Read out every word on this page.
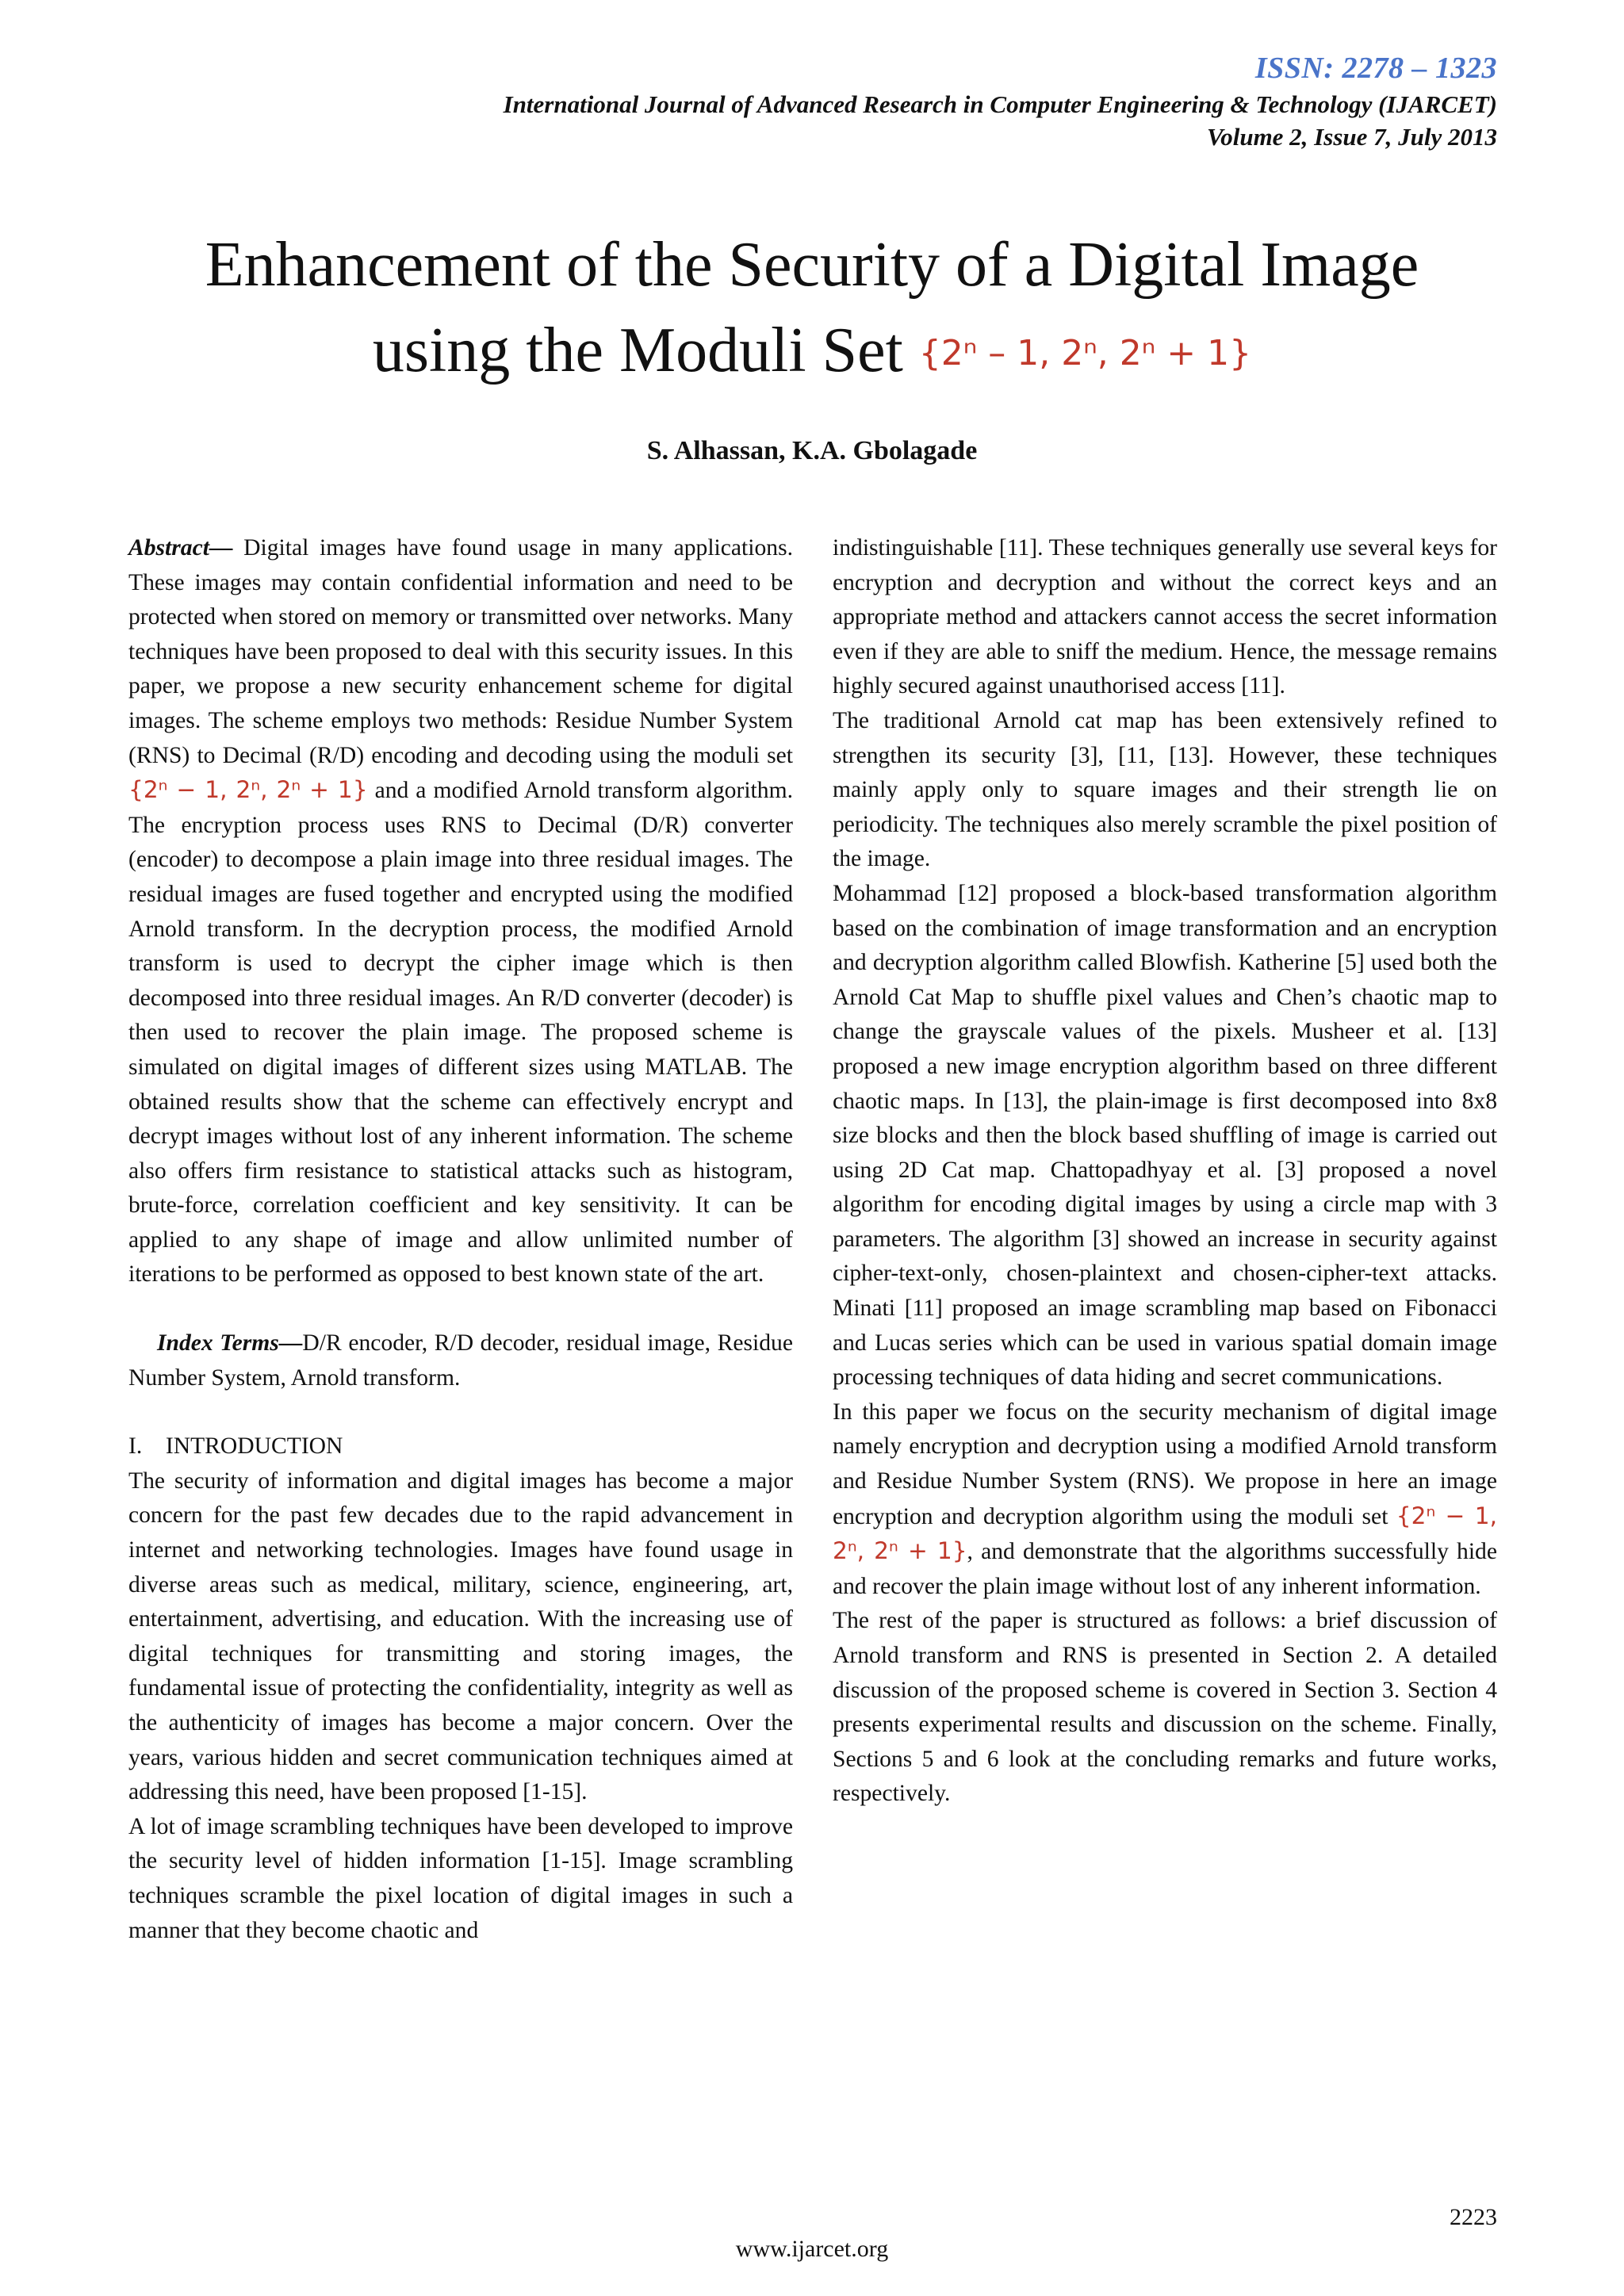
ISSN: 2278 – 1323
International Journal of Advanced Research in Computer Engineering & Technology (IJARCET)
Volume 2, Issue 7, July 2013
Enhancement of the Security of a Digital Image
using the Moduli Set {2ⁿ – 1, 2ⁿ, 2ⁿ + 1}
S. Alhassan, K.A. Gbolagade

Abstract— Digital images have found usage in many applications. These images may contain confidential information and need to be protected when stored on memory or transmitted over networks. Many techniques have been proposed to deal with this security issues. In this paper, we propose a new security enhancement scheme for digital images. The scheme employs two methods: Residue Number System (RNS) to Decimal (R/D) encoding and decoding using the moduli set {2ⁿ − 1, 2ⁿ, 2ⁿ + 1} and a modified Arnold transform algorithm. The encryption process uses RNS to Decimal (D/R) converter (encoder) to decompose a plain image into three residual images. The residual images are fused together and encrypted using the modified Arnold transform. In the decryption process, the modified Arnold transform is used to decrypt the cipher image which is then decomposed into three residual images. An R/D converter (decoder) is then used to recover the plain image. The proposed scheme is simulated on digital images of different sizes using MATLAB. The obtained results show that the scheme can effectively encrypt and decrypt images without lost of any inherent information. The scheme also offers firm resistance to statistical attacks such as histogram, brute-force, correlation coefficient and key sensitivity. It can be applied to any shape of image and allow unlimited number of iterations to be performed as opposed to best known state of the art.

Index Terms—D/R encoder, R/D decoder, residual image, Residue Number System, Arnold transform.

I.    INTRODUCTION

The security of information and digital images has become a major concern for the past few decades due to the rapid advancement in internet and networking technologies. Images have found usage in diverse areas such as medical, military, science, engineering, art, entertainment, advertising, and education. With the increasing use of digital techniques for transmitting and storing images, the fundamental issue of protecting the confidentiality, integrity as well as the authenticity of images has become a major concern. Over the years, various hidden and secret communication techniques aimed at addressing this need, have been proposed [1-15].

A lot of image scrambling techniques have been developed to improve the security level of hidden information [1-15]. Image scrambling techniques scramble the pixel location of digital images in such a manner that they become chaotic and

indistinguishable [11]. These techniques generally use several keys for encryption and decryption and without the correct keys and an appropriate method and attackers cannot access the secret information even if they are able to sniff the medium. Hence, the message remains highly secured against unauthorised access [11].

The traditional Arnold cat map has been extensively refined to strengthen its security [3], [11, [13]. However, these techniques mainly apply only to square images and their strength lie on periodicity. The techniques also merely scramble the pixel position of the image.

Mohammad [12] proposed a block-based transformation algorithm based on the combination of image transformation and an encryption and decryption algorithm called Blowfish. Katherine [5] used both the Arnold Cat Map to shuffle pixel values and Chen’s chaotic map to change the grayscale values of the pixels. Musheer et al. [13] proposed a new image encryption algorithm based on three different chaotic maps. In [13], the plain-image is first decomposed into 8x8 size blocks and then the block based shuffling of image is carried out using 2D Cat map. Chattopadhyay et al. [3] proposed a novel algorithm for encoding digital images by using a circle map with 3 parameters. The algorithm [3] showed an increase in security against cipher-text-only, chosen-plaintext and chosen-cipher-text attacks. Minati [11] proposed an image scrambling map based on Fibonacci and Lucas series which can be used in various spatial domain image processing techniques of data hiding and secret communications.

In this paper we focus on the security mechanism of digital image namely encryption and decryption using a modified Arnold transform and Residue Number System (RNS). We propose in here an image encryption and decryption algorithm using the moduli set {2ⁿ − 1, 2ⁿ, 2ⁿ + 1}, and demonstrate that the algorithms successfully hide and recover the plain image without lost of any inherent information.

The rest of the paper is structured as follows: a brief discussion of Arnold transform and RNS is presented in Section 2. A detailed discussion of the proposed scheme is covered in Section 3. Section 4 presents experimental results and discussion on the scheme. Finally, Sections 5 and 6 look at the concluding remarks and future works, respectively.

2223
www.ijarcet.org
